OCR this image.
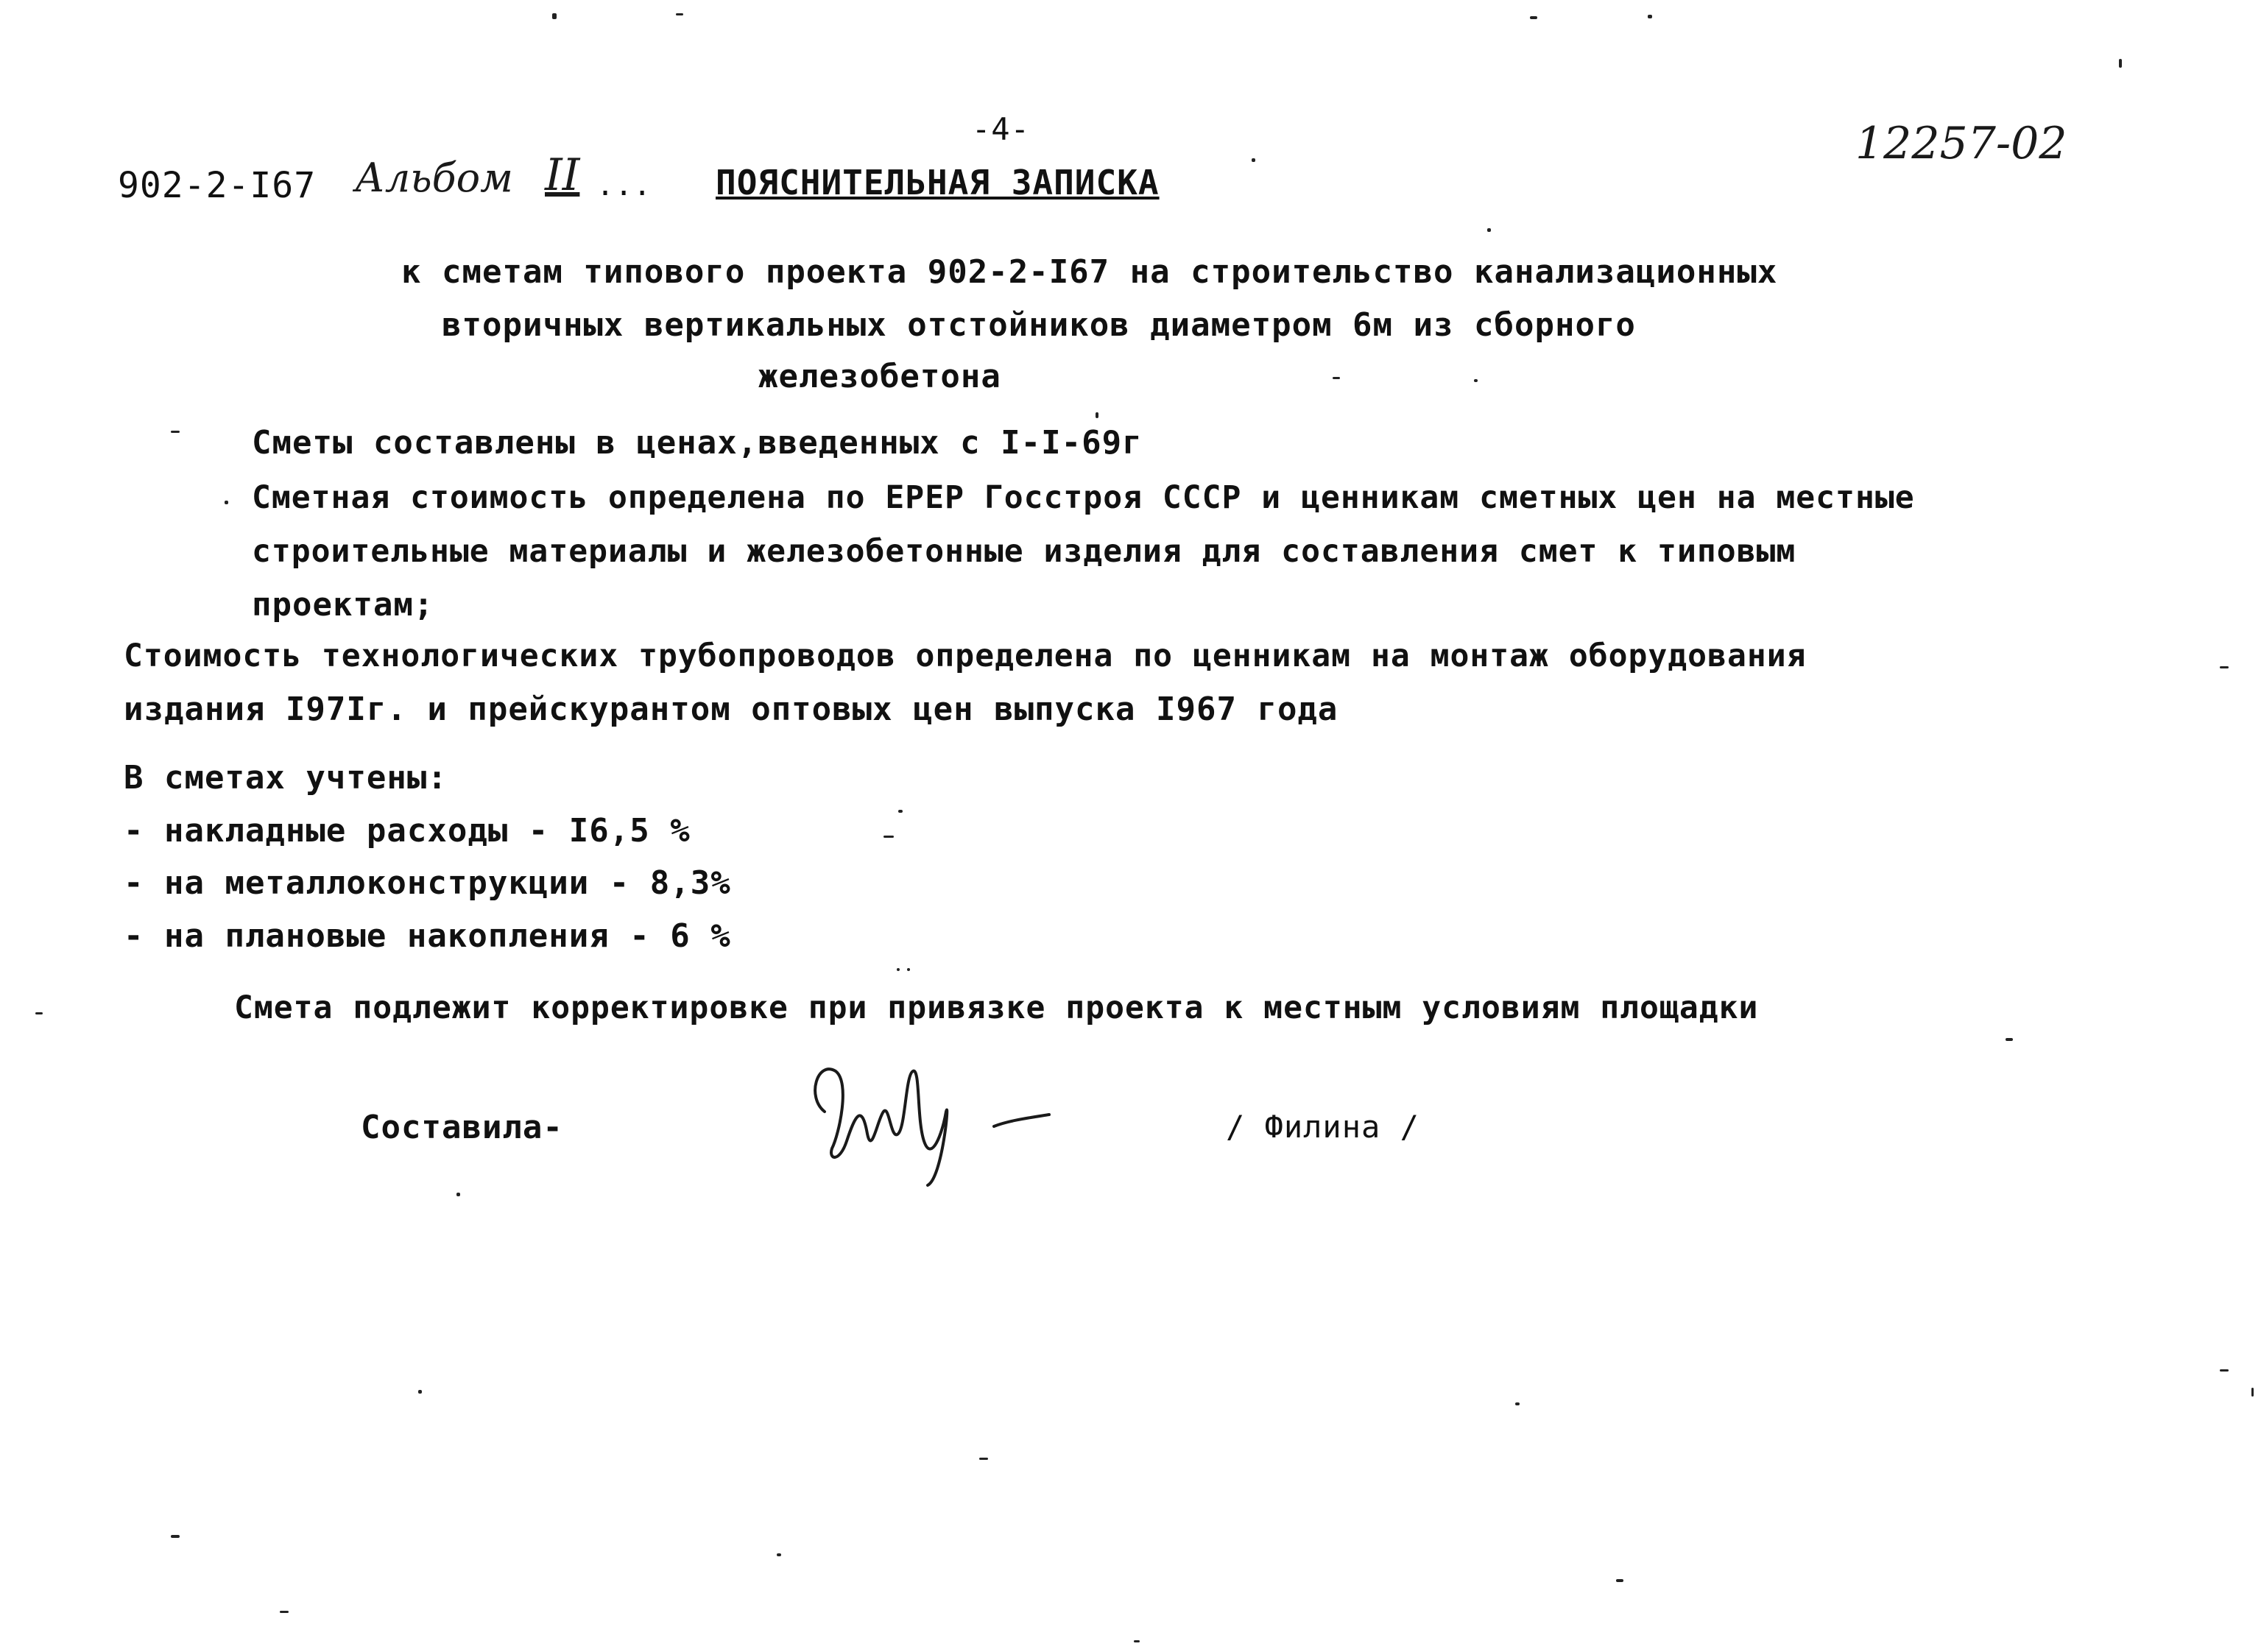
-4-
902-2-I67 Альбом II ... ПОЯСНИТЕЛЬНАЯ ЗАПИСКА
12257-02
к сметам типового проекта 902-2-I67 на строительство канализационных
вторичных вертикальных отстойников диаметром 6м из сборного
железобетона
Сметы составлены в ценах,введенных с I-I-69г
Сметная стоимость определена по ЕРЕР Госстроя СССР и ценникам сметных цен на местные
строительные материалы и железобетонные изделия для составления смет к типовым
проектам;
Стоимость технологических трубопроводов определена по ценникам на монтаж оборудования
издания I97Iг. и прейскурантом оптовых цен выпуска I967 года
В сметах учтены:
- накладные расходы - I6,5 %
- на металлоконструкции - 8,3%
- на плановые накопления - 6 %
Смета подлежит корректировке при привязке проекта к местным условиям площадки
Составила-	/ Филина /
